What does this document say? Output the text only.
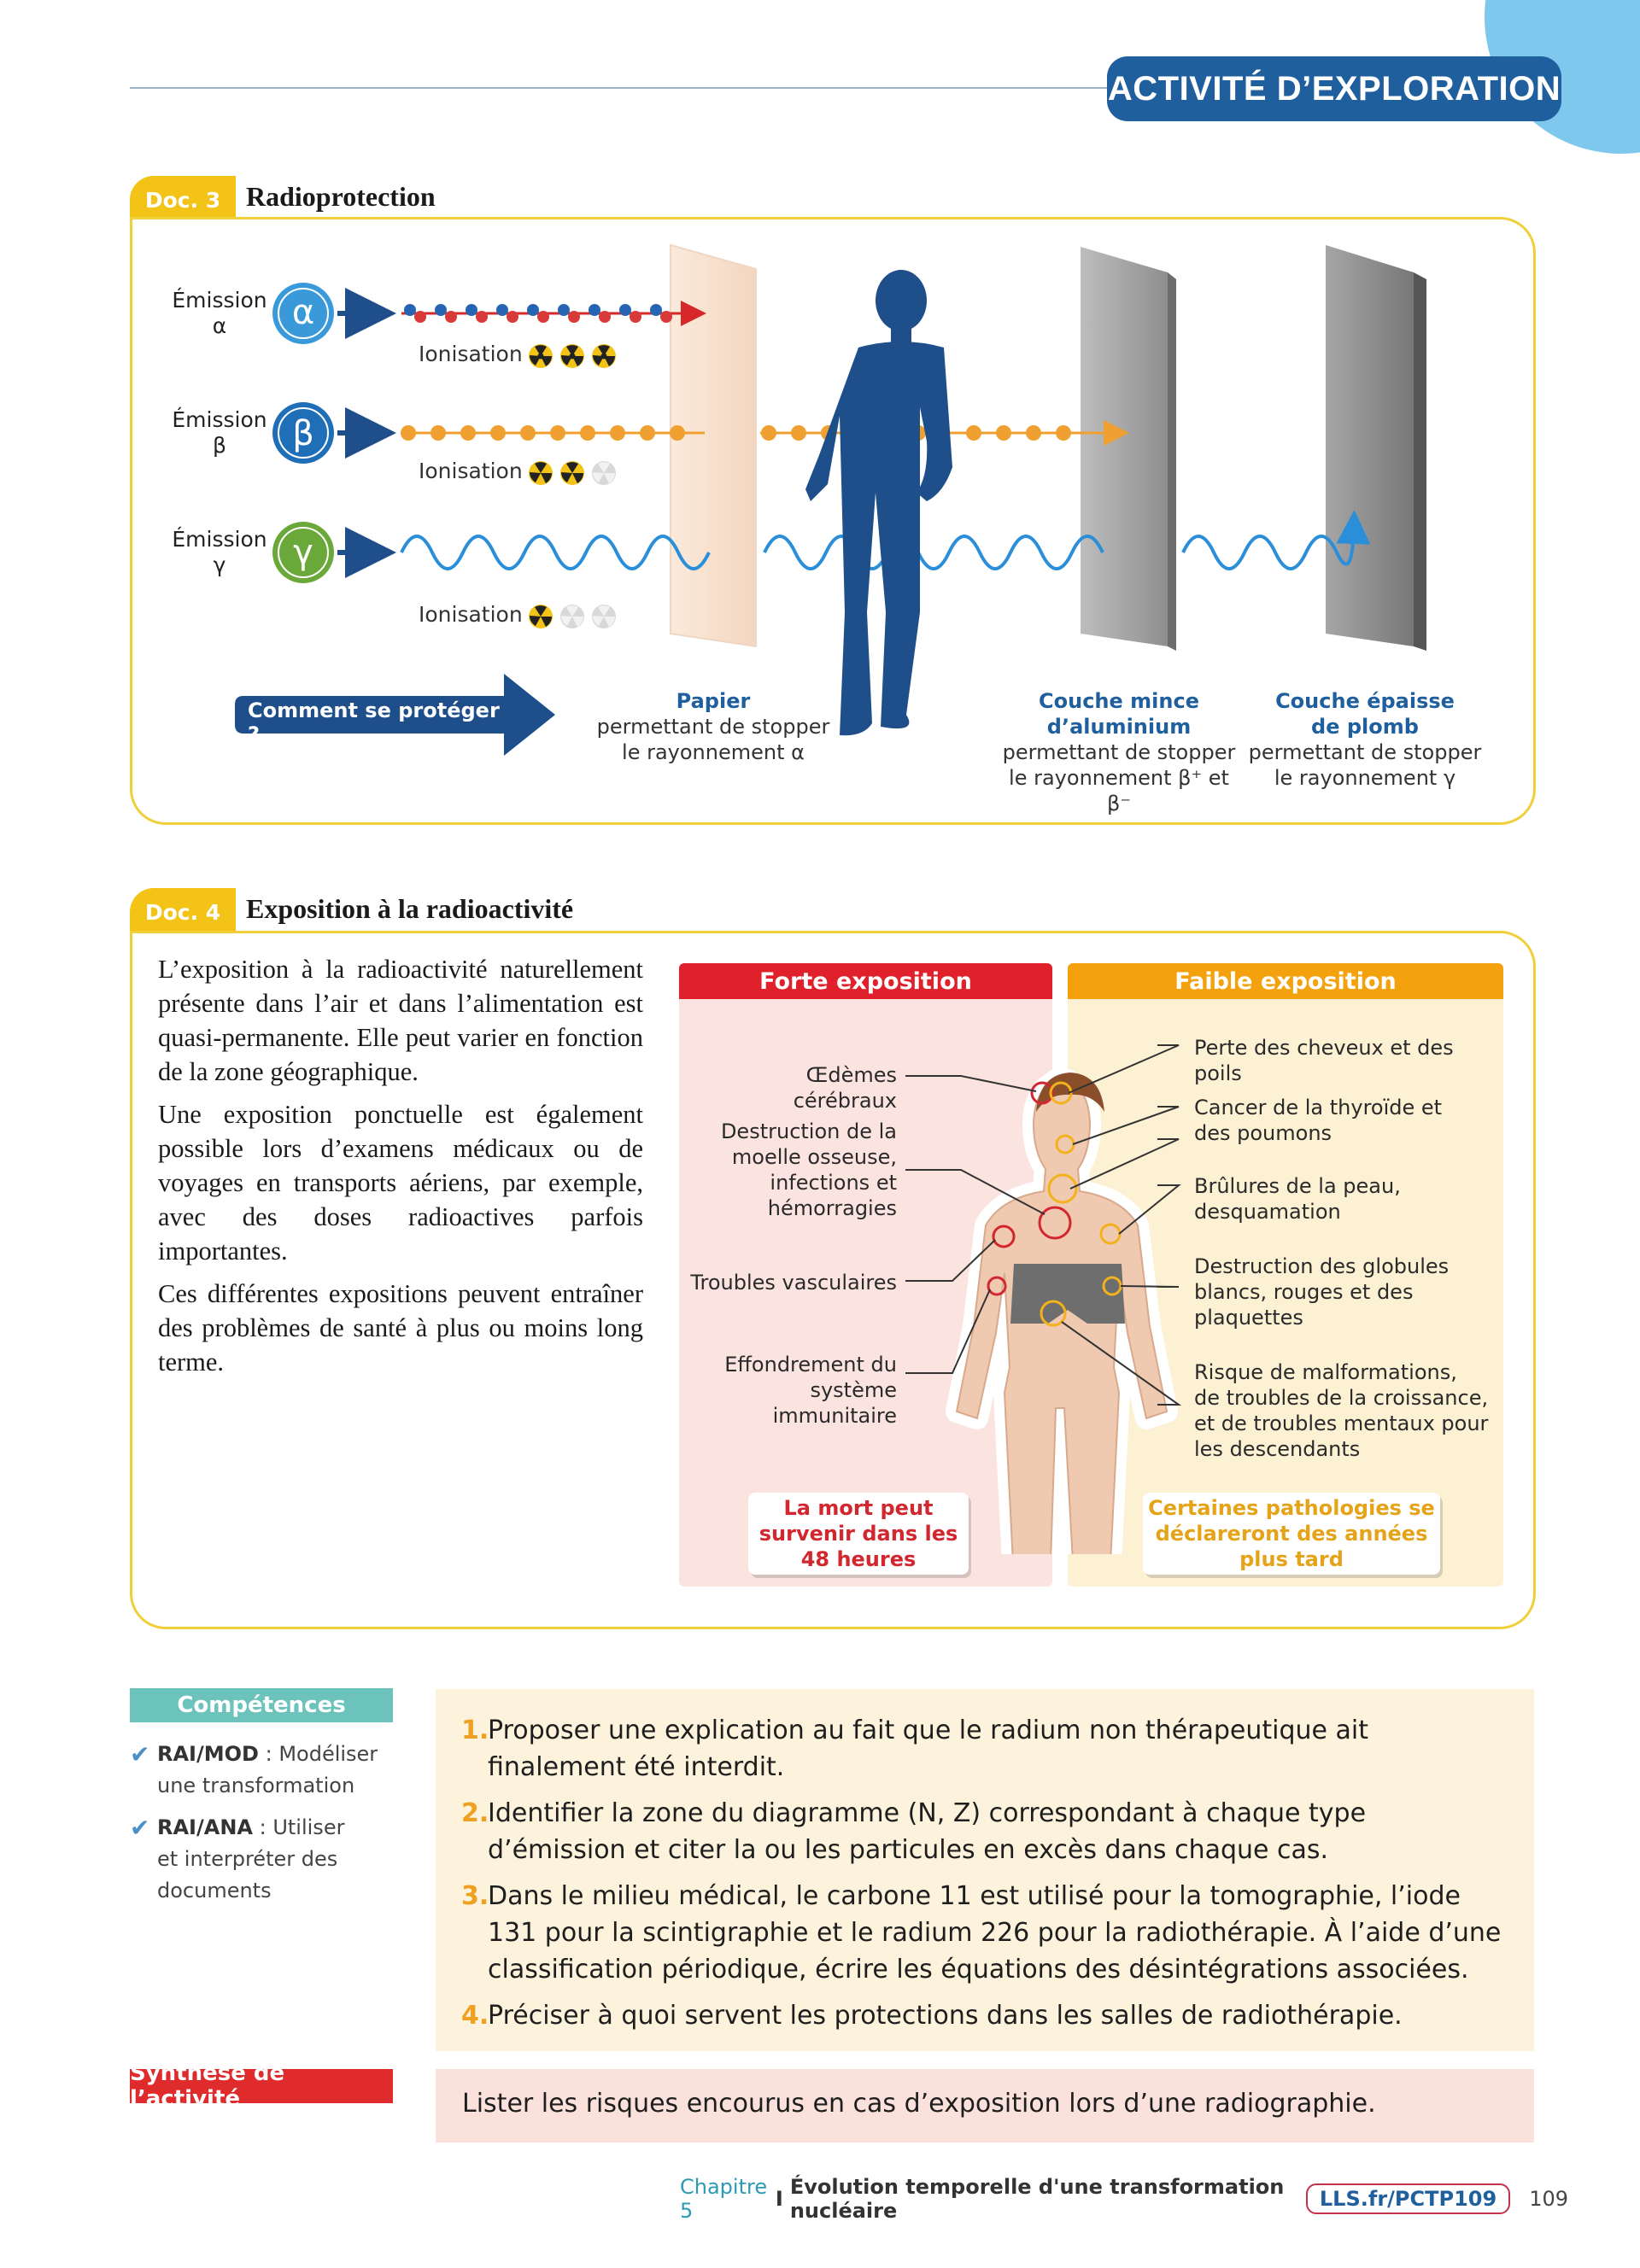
ACTIVITÉ D’EXPLORATION
Doc. 3 Radioprotection
α
β
γ
Émission
α
Émission
β
Émission
γ
Ionisation
Ionisation
Ionisation
Comment se protéger ?
Papier
permettant de stopper
le rayonnement α
Couche mince
d’aluminium
permettant de stopper
le rayonnement β⁺ et β⁻
Couche épaisse
de plomb
permettant de stopper
le rayonnement γ
Doc. 4 Exposition à la radioactivité

L’exposition à la radioactivité naturellement présente dans l’air et dans l’alimentation est quasi-permanente. Elle peut varier en fonction de la zone géographique.

Une exposition ponctuelle est également possible lors d’examens médicaux ou de voyages en transports aériens, par exemple, avec des doses radioactives parfois importantes.

Ces différentes expositions peuvent entraîner des problèmes de santé à plus ou moins long terme.

Forte exposition	Faible exposition
Œdèmes cérébraux
Destruction de la moelle osseuse, infections et hémorragies
Troubles vasculaires
Effondrement du système immunitaire
Perte des cheveux et des poils
Cancer de la thyroïde et des poumons
Brûlures de la peau, desquamation
Destruction des globules blancs, rouges et des plaquettes
Risque de malformations, de troubles de la croissance, et de troubles mentaux pour les descendants
La mort peut survenir dans les 48 heures
Certaines pathologies se déclareront des années plus tard
Compétences
✔ RAI/MOD : Modéliser
une transformation
✔ RAI/ANA : Utiliser
et interpréter des
documents
1.
Proposer une explication au fait que le radium non thérapeutique ait finalement été interdit.
2.
Identifier la zone du diagramme (N, Z) correspondant à chaque type d’émission et citer la ou les particules en excès dans chaque cas.
3.
Dans le milieu médical, le carbone 11 est utilisé pour la tomographie, l’iode 131 pour la scintigraphie et le radium 226 pour la radiothérapie. À l’aide d’une classification périodique, écrire les équations des désintégrations associées.
4.
Préciser à quoi servent les protections dans les salles de radiothérapie.
Synthèse de l’activité	Lister les risques encourus en cas d’exposition lors d’une radiographie.
Chapitre 5	I Évolution temporelle d'une transformation nucléaire	LLS.fr/PCTP109	109
